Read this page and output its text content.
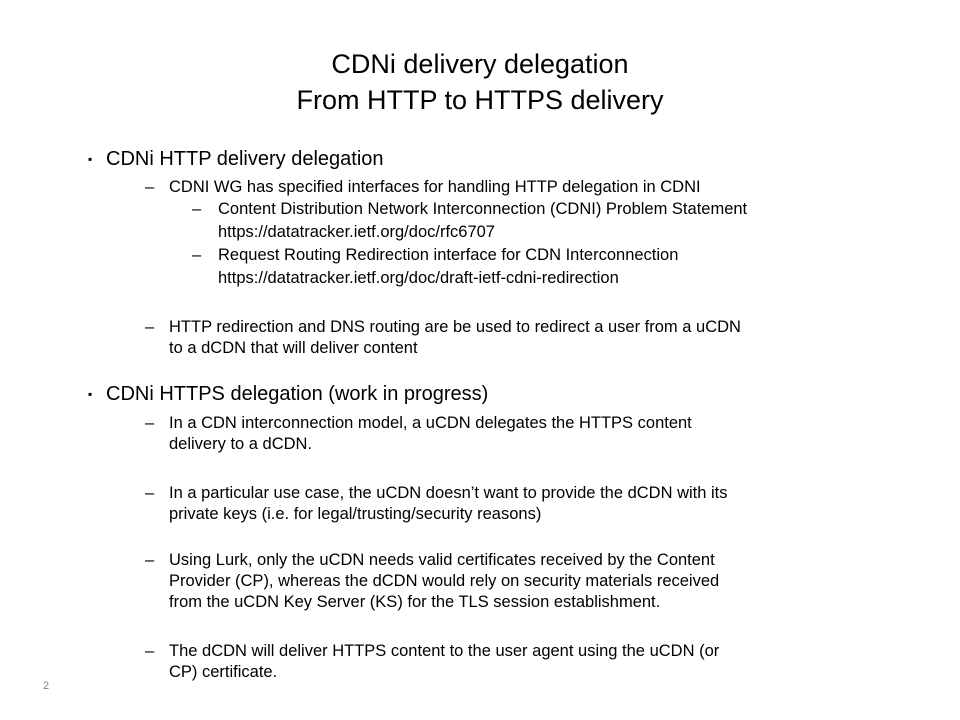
CDNi delivery delegation
From HTTP to HTTPS delivery
▪ CDNi HTTP delivery delegation
– CDNI WG has specified interfaces for handling HTTP delegation in CDNI
– Content Distribution Network Interconnection (CDNI) Problem Statement
https://datatracker.ietf.org/doc/rfc6707
– Request Routing Redirection interface for CDN Interconnection
https://datatracker.ietf.org/doc/draft-ietf-cdni-redirection
– HTTP redirection and DNS routing are be used to redirect a user from a uCDN
to a dCDN that will deliver content
▪ CDNi HTTPS delegation (work in progress)
– In a CDN interconnection model, a uCDN delegates the HTTPS content
delivery to a dCDN.
– In a particular use case, the uCDN doesn’t want to provide the dCDN with its
private keys (i.e. for legal/trusting/security reasons)
– Using Lurk, only the uCDN needs valid certificates received by the Content
Provider (CP), whereas the dCDN would rely on security materials received
from the uCDN Key Server (KS) for the TLS session establishment.
– The dCDN will deliver HTTPS content to the user agent using the uCDN (or
CP) certificate.
2
